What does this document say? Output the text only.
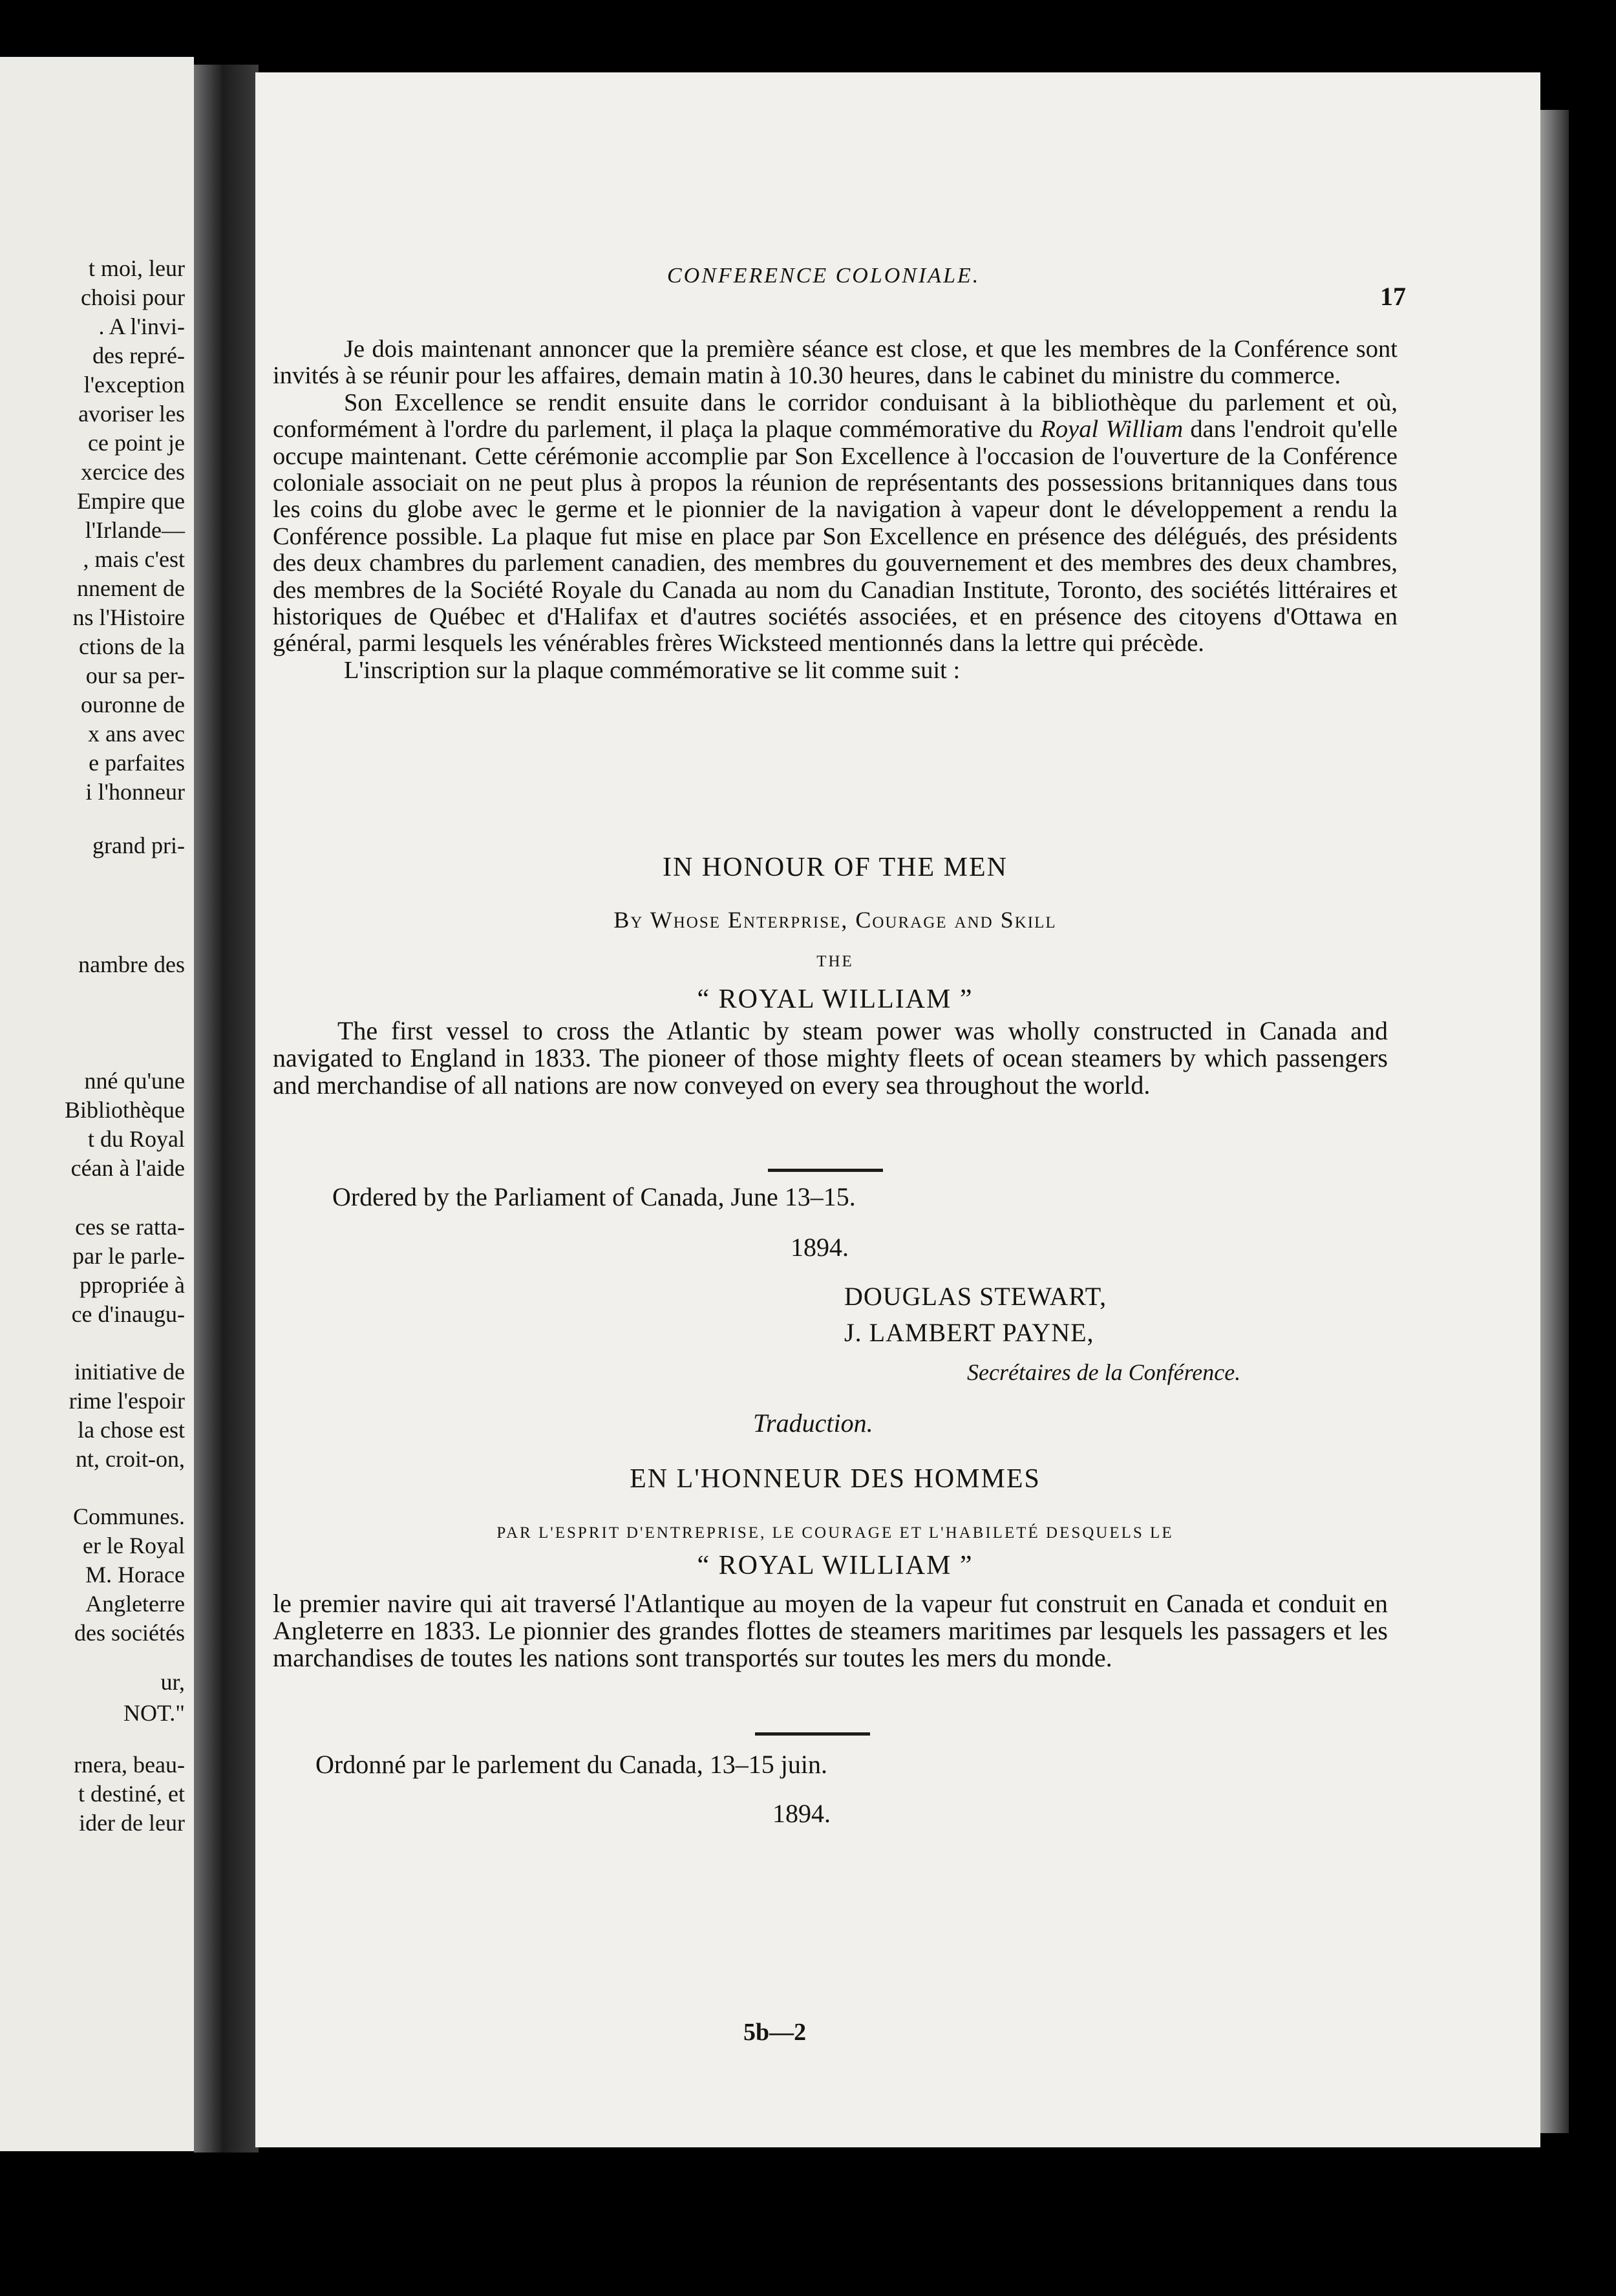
t moi, leur
choisi pour
. A l'invi-
des repré-
l'exception
avoriser les
ce point je
xercice des
Empire que
l'Irlande—
, mais c'est
nnement de
ns l'Histoire
ctions de la
our sa per-
ouronne de
x ans avec
e parfaites
i l'honneur
grand pri-
nambre des
nné qu'une
Bibliothèque
t du Royal
céan à l'aide
ces se ratta-
par le parle-
ppropriée à
ce d'inaugu-
initiative de
rime l'espoir
la chose est
nt, croit-on,
Communes.
er le Royal
M. Horace
Angleterre
des sociétés
ur,
NOT."
rnera, beau-
t destiné, et
ider de leur
CONFERENCE COLONIALE.
17

Je dois maintenant annoncer que la première séance est close, et que les membres de la Conférence sont invités à se réunir pour les affaires, demain matin à 10.30 heures, dans le cabinet du ministre du commerce.

Son Excellence se rendit ensuite dans le corridor conduisant à la bibliothèque du parlement et où, conformément à l'ordre du parlement, il plaça la plaque commémorative du Royal William dans l'endroit qu'elle occupe maintenant. Cette cérémonie accomplie par Son Excellence à l'occasion de l'ouverture de la Conférence coloniale associait on ne peut plus à propos la réunion de représentants des possessions britanniques dans tous les coins du globe avec le germe et le pionnier de la navigation à vapeur dont le développement a rendu la Conférence possible. La plaque fut mise en place par Son Excellence en présence des délégués, des présidents des deux chambres du parlement canadien, des membres du gouvernement et des membres des deux chambres, des membres de la Société Royale du Canada au nom du Canadian Institute, Toronto, des sociétés littéraires et historiques de Québec et d'Halifax et d'autres sociétés associées, et en présence des citoyens d'Ottawa en général, parmi lesquels les vénérables frères Wicksteed mentionnés dans la lettre qui précède.

L'inscription sur la plaque commémorative se lit comme suit :

IN HONOUR OF THE MEN
By Whose Enterprise, Courage and Skill
THE
“ ROYAL WILLIAM ”

The first vessel to cross the Atlantic by steam power was wholly constructed in Canada and navigated to England in 1833. The pioneer of those mighty fleets of ocean steamers by which passengers and merchandise of all nations are now conveyed on every sea throughout the world.

Ordered by the Parliament of Canada, June 13–15.
1894.
DOUGLAS STEWART,
J. LAMBERT PAYNE,
Secrétaires de la Conférence.
Traduction.
EN L'HONNEUR DES HOMMES
PAR L'ESPRIT D'ENTREPRISE, LE COURAGE ET L'HABILETÉ DESQUELS LE
“ ROYAL WILLIAM ”

le premier navire qui ait traversé l'Atlantique au moyen de la vapeur fut construit en Canada et conduit en Angleterre en 1833. Le pionnier des grandes flottes de steamers maritimes par lesquels les passagers et les marchandises de toutes les nations sont transportés sur toutes les mers du monde.

Ordonné par le parlement du Canada, 13–15 juin.
1894.
5b—2
